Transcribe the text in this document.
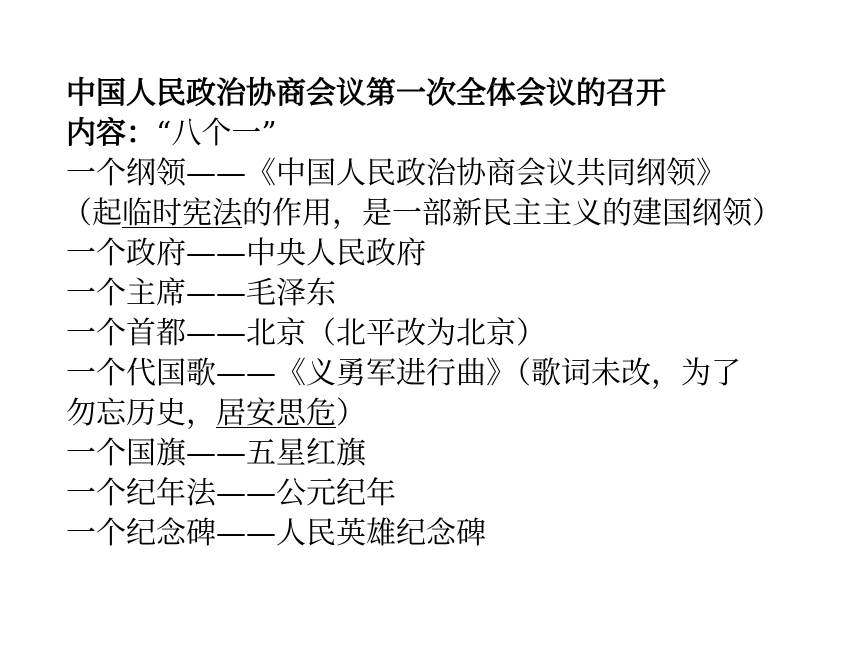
中国人民政治协商会议第一次全体会议的召开
内容：“八个一”
一个纲领——《中国人民政治协商会议共同纲领》
（起临时宪法的作用，是一部新民主主义的建国纲领）
一个政府——中央人民政府
一个主席——毛泽东
一个首都——北京（北平改为北京）
一个代国歌——《义勇军进行曲》（歌词未改，为了
勿忘历史，居安思危）
一个国旗——五星红旗
一个纪年法——公元纪年
一个纪念碑——人民英雄纪念碑
